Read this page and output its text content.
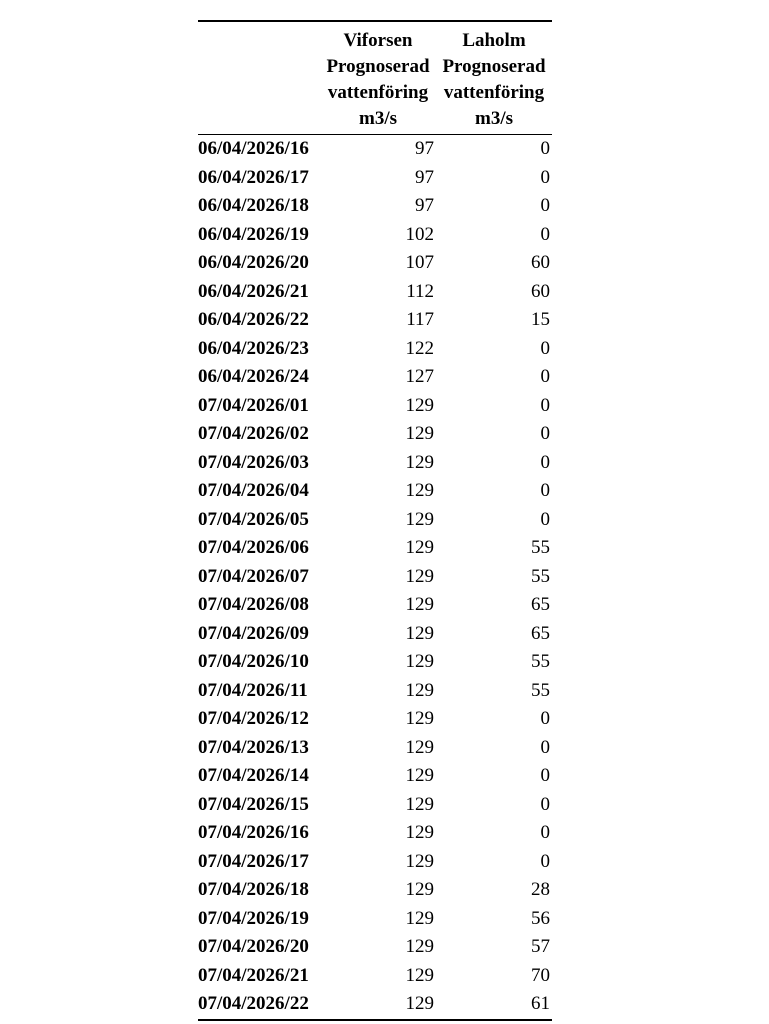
	Viforsen Prognoserad vattenföring m3/s	Laholm Prognoserad vattenföring m3/s
06/04/2026/16	97	0
06/04/2026/17	97	0
06/04/2026/18	97	0
06/04/2026/19	102	0
06/04/2026/20	107	60
06/04/2026/21	112	60
06/04/2026/22	117	15
06/04/2026/23	122	0
06/04/2026/24	127	0
07/04/2026/01	129	0
07/04/2026/02	129	0
07/04/2026/03	129	0
07/04/2026/04	129	0
07/04/2026/05	129	0
07/04/2026/06	129	55
07/04/2026/07	129	55
07/04/2026/08	129	65
07/04/2026/09	129	65
07/04/2026/10	129	55
07/04/2026/11	129	55
07/04/2026/12	129	0
07/04/2026/13	129	0
07/04/2026/14	129	0
07/04/2026/15	129	0
07/04/2026/16	129	0
07/04/2026/17	129	0
07/04/2026/18	129	28
07/04/2026/19	129	56
07/04/2026/20	129	57
07/04/2026/21	129	70
07/04/2026/22	129	61
